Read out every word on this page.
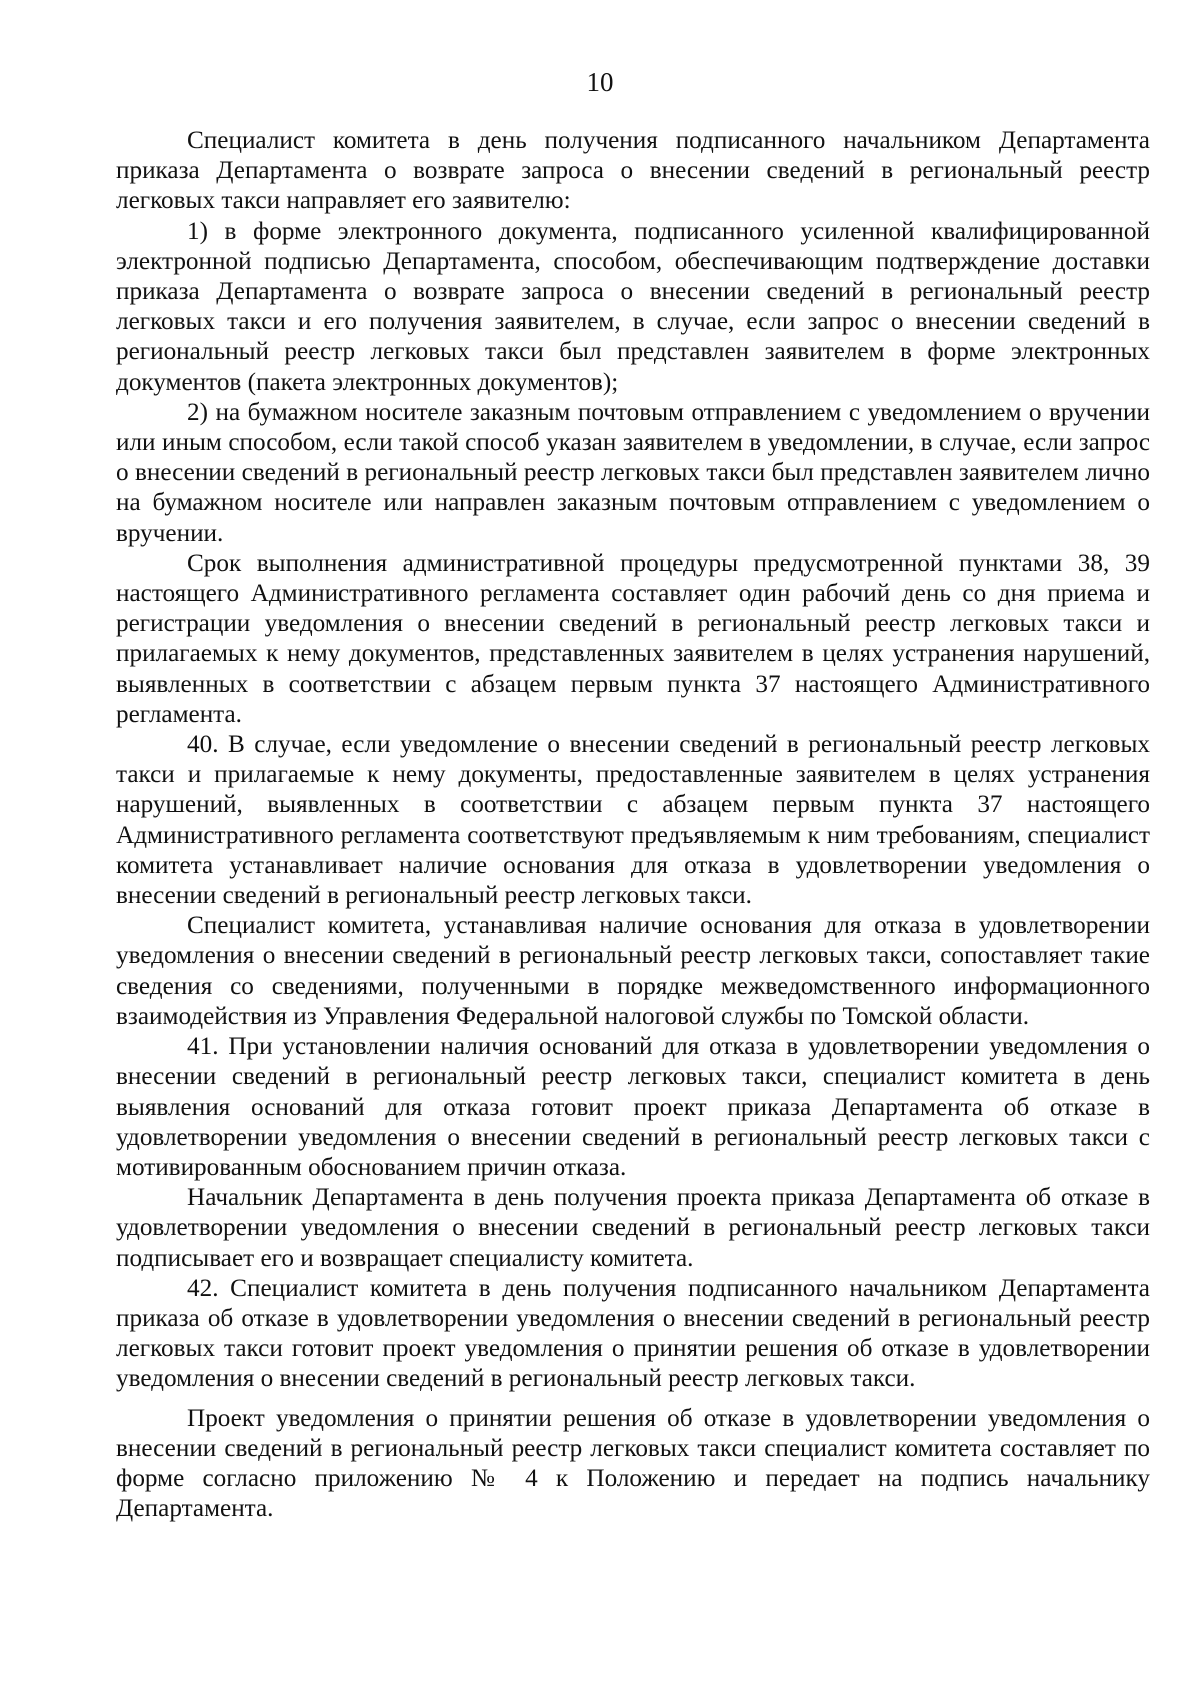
10

Специалист комитета в день получения подписанного начальником Департамента приказа Департамента о возврате запроса о внесении сведений в региональный реестр легковых такси направляет его заявителю:

1) в форме электронного документа, подписанного усиленной квалифицированной электронной подписью Департамента, способом, обеспечивающим подтверждение доставки приказа Департамента о возврате запроса о внесении сведений в региональный реестр легковых такси и его получения заявителем, в случае, если запрос о внесении сведений в региональный реестр легковых такси был представлен заявителем в форме электронных документов (пакета электронных документов);

2) на бумажном носителе заказным почтовым отправлением с уведомлением о вручении или иным способом, если такой способ указан заявителем в уведомлении, в случае, если запрос о внесении сведений в региональный реестр легковых такси был представлен заявителем лично на бумажном носителе или направлен заказным почтовым отправлением с уведомлением о вручении.

Срок выполнения административной процедуры предусмотренной пунктами 38, 39 настоящего Административного регламента составляет один рабочий день со дня приема и регистрации уведомления о внесении сведений в региональный реестр легковых такси и прилагаемых к нему документов, представленных заявителем в целях устранения нарушений, выявленных в соответствии с абзацем первым пункта 37 настоящего Административного регламента.

40. В случае, если уведомление о внесении сведений в региональный реестр легковых такси и прилагаемые к нему документы, предоставленные заявителем в целях устранения нарушений, выявленных в соответствии с абзацем первым пункта 37 настоящего Административного регламента соответствуют предъявляемым к ним требованиям, специалист комитета устанавливает наличие основания для отказа в удовлетворении уведомления о внесении сведений в региональный реестр легковых такси.

Специалист комитета, устанавливая наличие основания для отказа в удовлетворении уведомления о внесении сведений в региональный реестр легковых такси, сопоставляет такие сведения со сведениями, полученными в порядке межведомственного информационного взаимодействия из Управления Федеральной налоговой службы по Томской области.

41. При установлении наличия оснований для отказа в удовлетворении уведомления о внесении сведений в региональный реестр легковых такси, специалист комитета в день выявления оснований для отказа готовит проект приказа Департамента об отказе в удовлетворении уведомления о внесении сведений в региональный реестр легковых такси с мотивированным обоснованием причин отказа.

Начальник Департамента в день получения проекта приказа Департамента об отказе в удовлетворении уведомления о внесении сведений в региональный реестр легковых такси подписывает его и возвращает специалисту комитета.

42. Специалист комитета в день получения подписанного начальником Департамента приказа об отказе в удовлетворении уведомления о внесении сведений в региональный реестр легковых такси готовит проект уведомления о принятии решения об отказе в удовлетворении уведомления о внесении сведений в региональный реестр легковых такси.

Проект уведомления о принятии решения об отказе в удовлетворении уведомления о внесении сведений в региональный реестр легковых такси специалист комитета составляет по форме согласно приложению № 4 к Положению и передает на подпись начальнику Департамента.
